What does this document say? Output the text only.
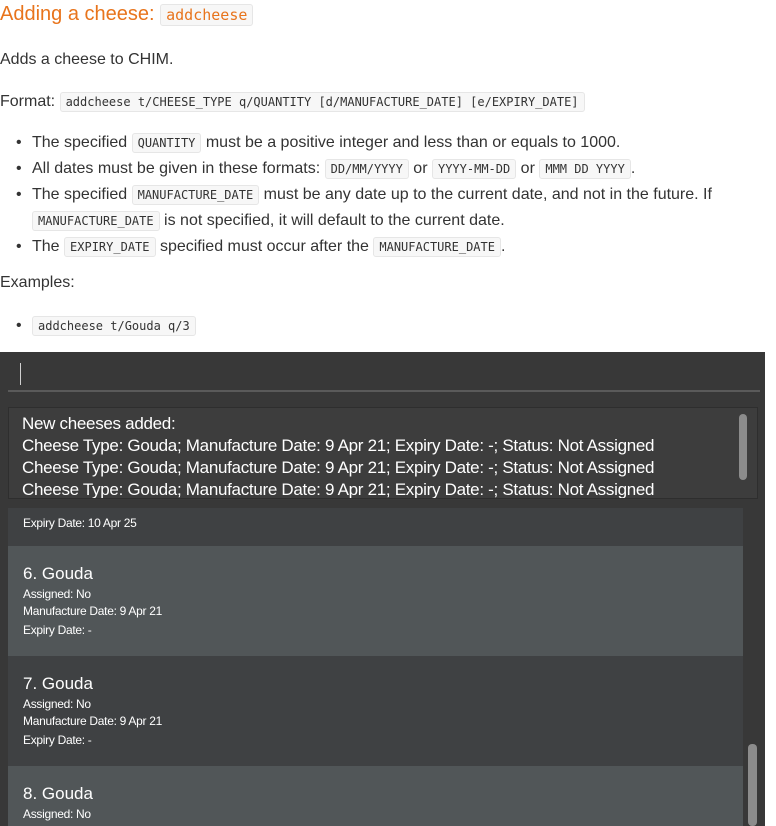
Adding a cheese: addcheese

Adds a cheese to CHIM.

Format: addcheese t/CHEESE_TYPE q/QUANTITY [d/MANUFACTURE_DATE] [e/EXPIRY_DATE]

• The specified QUANTITY must be a positive integer and less than or equals to 1000.
• All dates must be given in these formats: DD/MM/YYYY or YYYY-MM-DD or MMM DD YYYY .
• The specified MANUFACTURE_DATE must be any date up to the current date, and not in the future. If MANUFACTURE_DATE is not specified, it will default to the current date.
• The EXPIRY_DATE specified must occur after the MANUFACTURE_DATE .

Examples:

• addcheese t/Gouda q/3
New cheeses added:
Cheese Type: Gouda; Manufacture Date: 9 Apr 21; Expiry Date: -; Status: Not Assigned
Cheese Type: Gouda; Manufacture Date: 9 Apr 21; Expiry Date: -; Status: Not Assigned
Cheese Type: Gouda; Manufacture Date: 9 Apr 21; Expiry Date: -; Status: Not Assigned
Expiry Date: 10 Apr 25
6. Gouda
Assigned: No
Manufacture Date: 9 Apr 21
Expiry Date: -
7. Gouda
Assigned: No
Manufacture Date: 9 Apr 21
Expiry Date: -
8. Gouda
Assigned: No
